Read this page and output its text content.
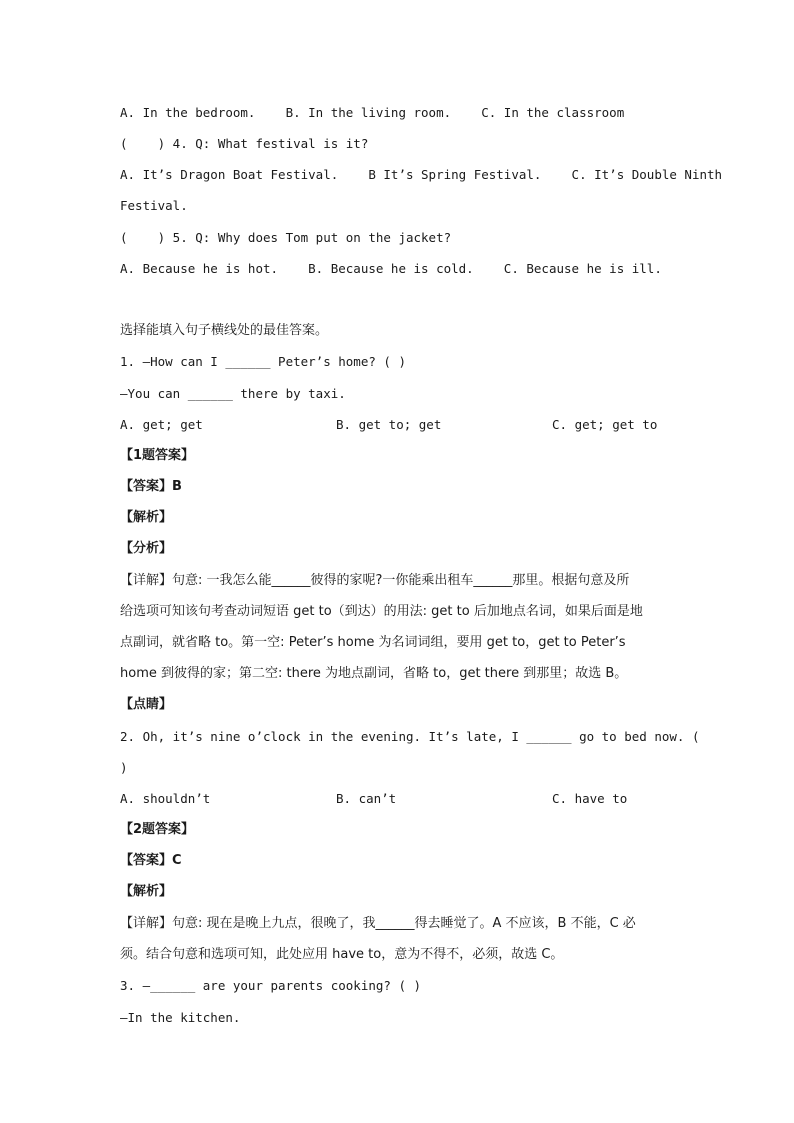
A. In the bedroom.    B. In the living room.    C. In the classroom
(    ) 4. Q: What festival is it?
A. It’s Dragon Boat Festival.    B It’s Spring Festival.    C. It’s Double Ninth
Festival.
(    ) 5. Q: Why does Tom put on the jacket?
A. Because he is hot.    B. Because he is cold.    C. Because he is ill.
选择能填入句子横线处的最佳答案。
1. —How can I ______ Peter’s home? ( )
—You can ______ there by taxi.
A. get; get	B. get to; get	C. get; get to
【1题答案】
【答案】B
【解析】
【分析】
【详解】句意: 一我怎么能______彼得的家呢?一你能乘出租车______那里。根据句意及所
给选项可知该句考查动词短语 get to（到达）的用法: get to 后加地点名词，如果后面是地
点副词，就省略 to。第一空: Peter’s home 为名词词组，要用 get to，get to Peter’s
home 到彼得的家；第二空: there 为地点副词，省略 to，get there 到那里；故选 B。
【点睛】
2. Oh, it’s nine o’clock in the evening. It’s late, I ______ go to bed now. (
)
A. shouldn’t	B. can’t	C. have to
【2题答案】
【答案】C
【解析】
【详解】句意: 现在是晚上九点，很晚了，我______得去睡觉了。A 不应该，B 不能，C 必
须。结合句意和选项可知，此处应用 have to，意为不得不，必须，故选 C。
3. —______ are your parents cooking? ( )
—In the kitchen.
